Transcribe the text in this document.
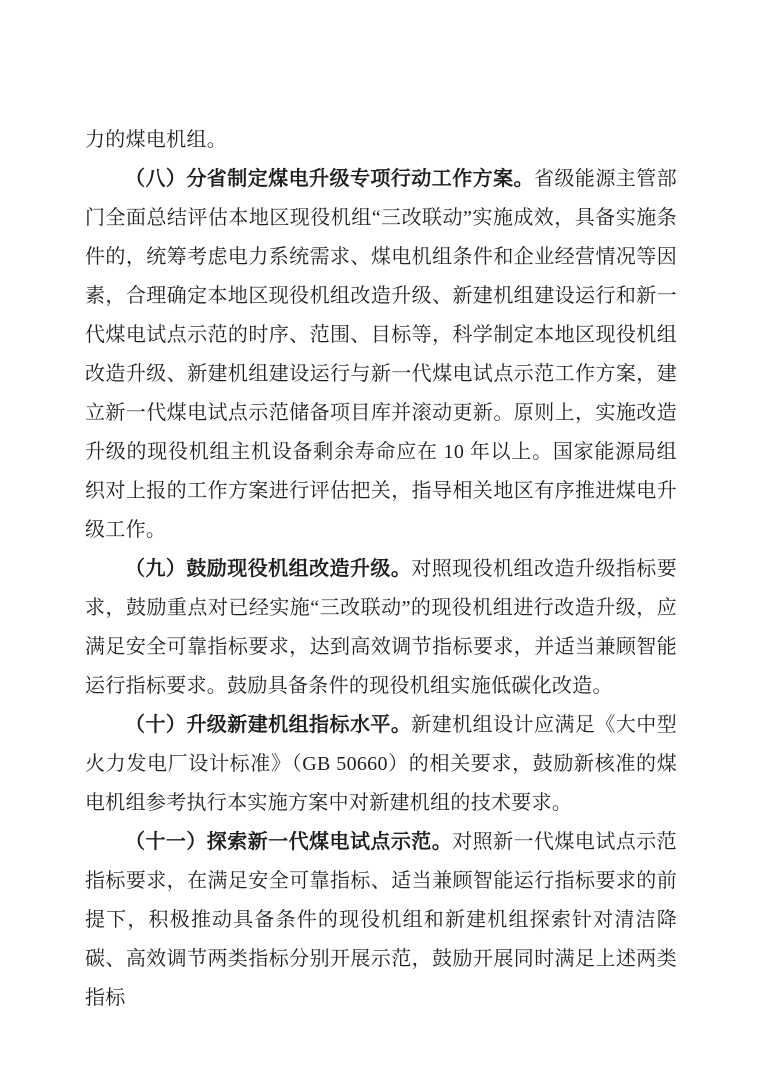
力的煤电机组。

（八）分省制定煤电升级专项行动工作方案。省级能源主管部门全面总结评估本地区现役机组“三改联动”实施成效，具备实施条件的，统筹考虑电力系统需求、煤电机组条件和企业经营情况等因素，合理确定本地区现役机组改造升级、新建机组建设运行和新一代煤电试点示范的时序、范围、目标等，科学制定本地区现役机组改造升级、新建机组建设运行与新一代煤电试点示范工作方案，建立新一代煤电试点示范储备项目库并滚动更新。原则上，实施改造升级的现役机组主机设备剩余寿命应在 10 年以上。国家能源局组织对上报的工作方案进行评估把关，指导相关地区有序推进煤电升级工作。

（九）鼓励现役机组改造升级。对照现役机组改造升级指标要求，鼓励重点对已经实施“三改联动”的现役机组进行改造升级，应满足安全可靠指标要求，达到高效调节指标要求，并适当兼顾智能运行指标要求。鼓励具备条件的现役机组实施低碳化改造。

（十）升级新建机组指标水平。新建机组设计应满足《大中型火力发电厂设计标准》（GB 50660）的相关要求，鼓励新核准的煤电机组参考执行本实施方案中对新建机组的技术要求。

（十一）探索新一代煤电试点示范。对照新一代煤电试点示范指标要求，在满足安全可靠指标、适当兼顾智能运行指标要求的前提下，积极推动具备条件的现役机组和新建机组探索针对清洁降碳、高效调节两类指标分别开展示范，鼓励开展同时满足上述两类指标
